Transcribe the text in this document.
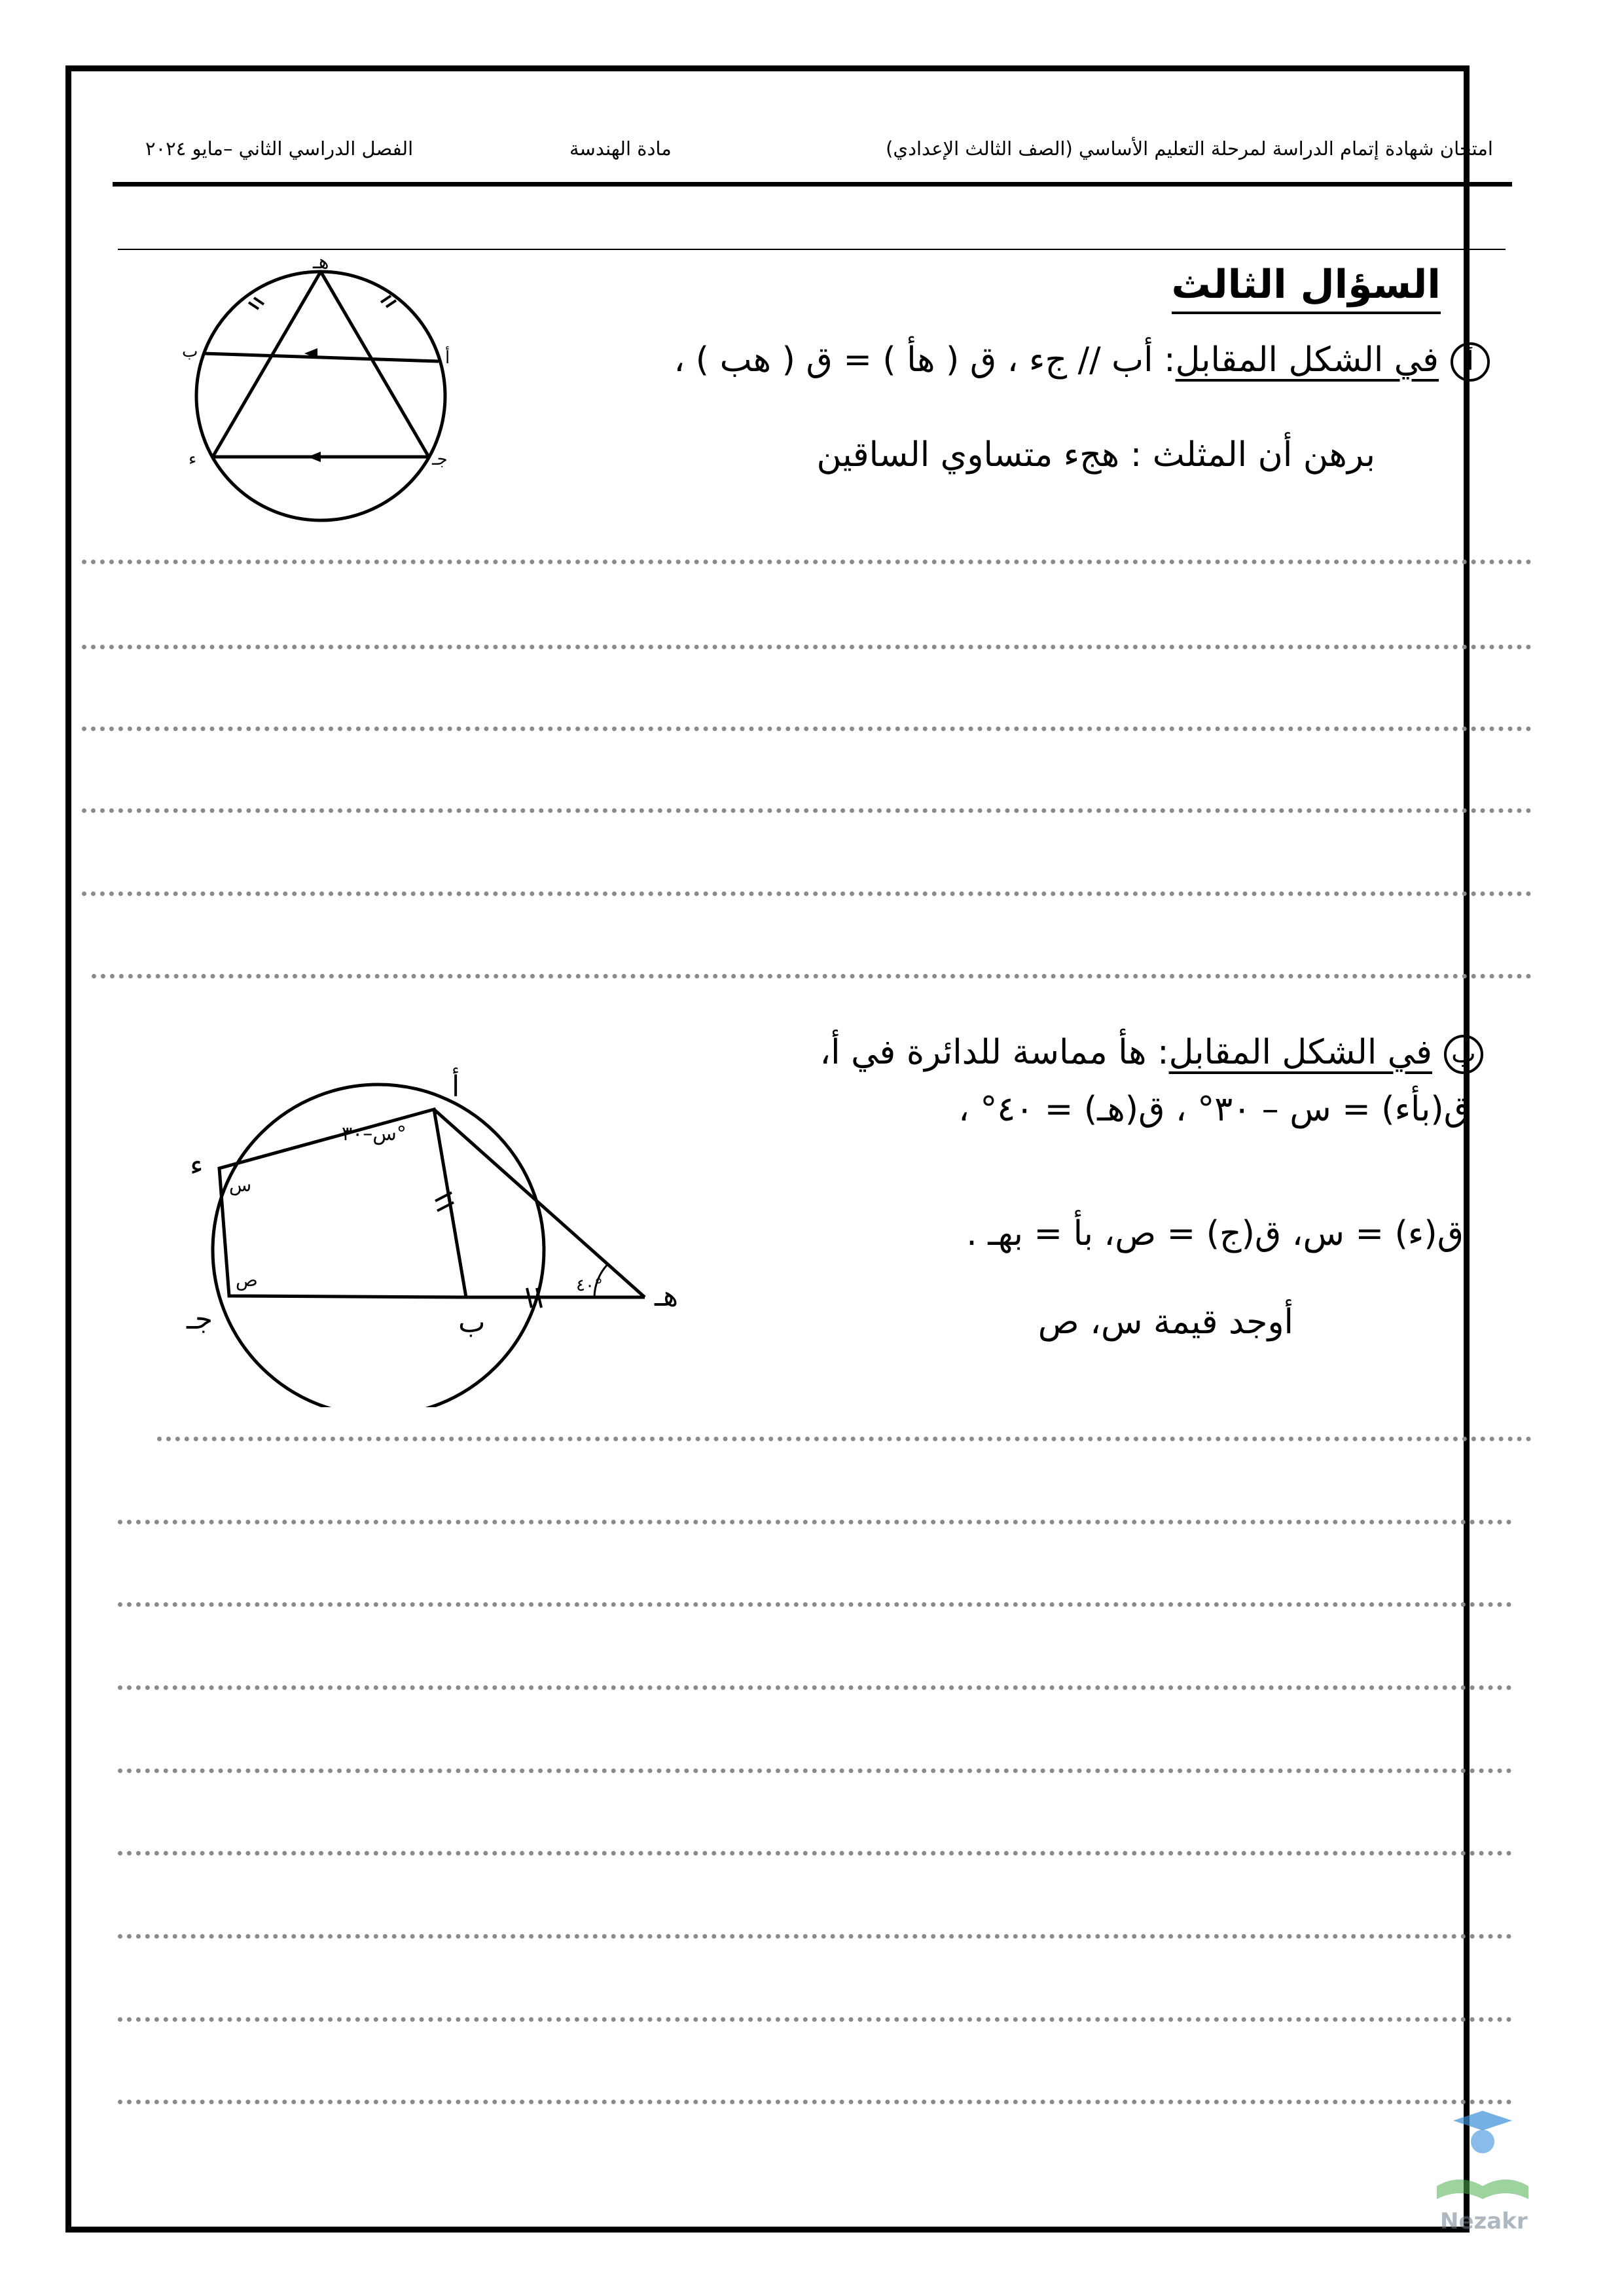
امتحان شهادة إتمام الدراسة لمرحلة التعليم الأساسي (الصف الثالث الإعدادي)
مادة الهندسة
الفصل الدراسي الثاني –مايو ٢٠٢٤
السؤال الثالث
أفي الشكل المقابل: أب // جء ، ق ( هأ ) = ق ( هب ) ،
برهن أن المثلث : هجء متساوي الساقين
هـ
ب	أ
ء	جـ
بفي الشكل المقابل: هأ مماسة للدائرة في أ،
ق(بأء) = س – ٣٠° ، ق(هـ) = ٤٠° ،
ق(ء) = س، ق(ج) = ص، بأ = بهـ .
أوجد قيمة س، ص
أ
ء
جـ	ب
هـ
س–٣٠°
س
ص	٤٠°
Nezakr
